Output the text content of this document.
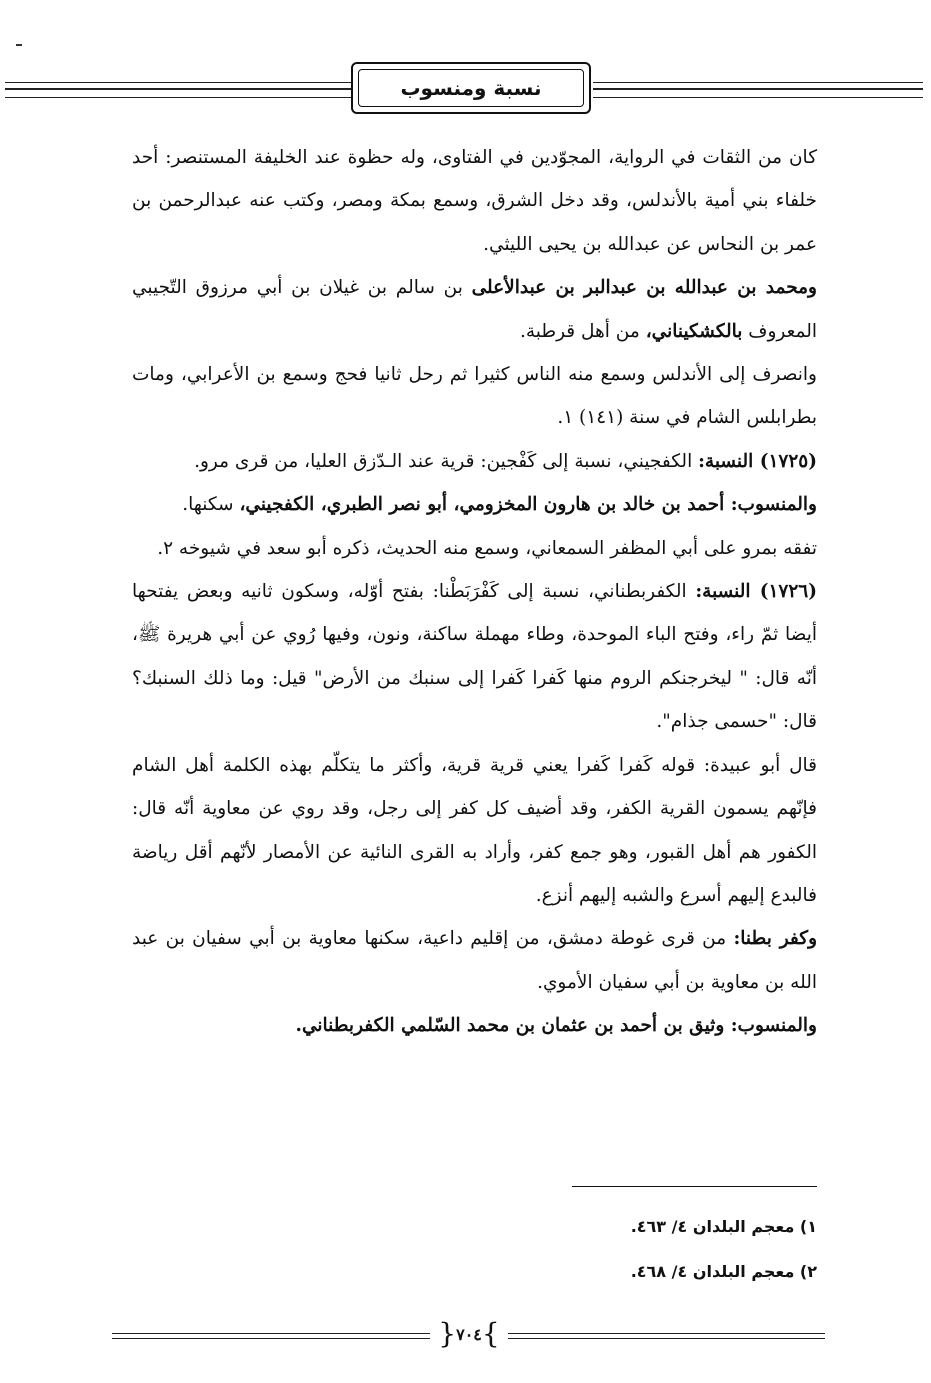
نسبة ومنسوب

كان من الثقات في الرواية، المجوّدين في الفتاوى، وله حظوة عند الخليفة المستنصر: أحد خلفاء بني أمية بالأندلس، وقد دخل الشرق، وسمع بمكة ومصر، وكتب عنه عبدالرحمن بن عمر بن النحاس عن عبدالله بن يحيى الليثي.

ومحمد بن عبدالله بن عبدالبر بن عبدالأعلى بن سالم بن غيلان بن أبي مرزوق التّجيبي المعروف بالكشكيناني، من أهل قرطبة.

وانصرف إلى الأندلس وسمع منه الناس كثيرا ثم رحل ثانيا فحج وسمع بن الأعرابي، ومات بطرابلس الشام في سنة (١٤١) ١.

(١٧٢٥) النسبة: الكفجيني، نسبة إلى كَفْجين: قرية عند الـدّزق العليا، من قرى مرو.

والمنسوب: أحمد بن خالد بن هارون المخزومي، أبو نصر الطبري، الكفجيني، سكنها.

تفقه بمرو على أبي المظفر السمعاني، وسمع منه الحديث، ذكره أبو سعد في شيوخه ٢.

(١٧٢٦) النسبة: الكفربطناني، نسبة إلى كَفْرَبَطْنا: بفتح أوّله، وسكون ثانيه وبعض يفتحها أيضا ثمّ راء، وفتح الباء الموحدة، وطاء مهملة ساكنة، ونون، وفيها رُوي عن أبي هريرة ﷺ، أنّه قال: " ليخرجنكم الروم منها كَفرا كَفرا إلى سنبك من الأرض" قيل: وما ذلك السنبك؟ قال: "حسمى جذام".

قال أبو عبيدة: قوله كَفرا كَفرا يعني قرية قرية، وأكثر ما يتكلّم بهذه الكلمة أهل الشام فإنّهم يسمون القرية الكفر، وقد أضيف كل كفر إلى رجل، وقد روي عن معاوية أنّه قال: الكفور هم أهل القبور، وهو جمع كفر، وأراد به القرى النائية عن الأمصار لأنّهم أقل رياضة فالبدع إليهم أسرع والشبه إليهم أنزع.

وكفر بطنا: من قرى غوطة دمشق، من إقليم داعية، سكنها معاوية بن أبي سفيان بن عبد الله بن معاوية بن أبي سفيان الأموي.

والمنسوب: وثيق بن أحمد بن عثمان بن محمد السّلمي الكفربطناني.

١) معجم البلدان ٤/ ٤٦٣.

٢) معجم البلدان ٤/ ٤٦٨.

}
٧٠٤
{
